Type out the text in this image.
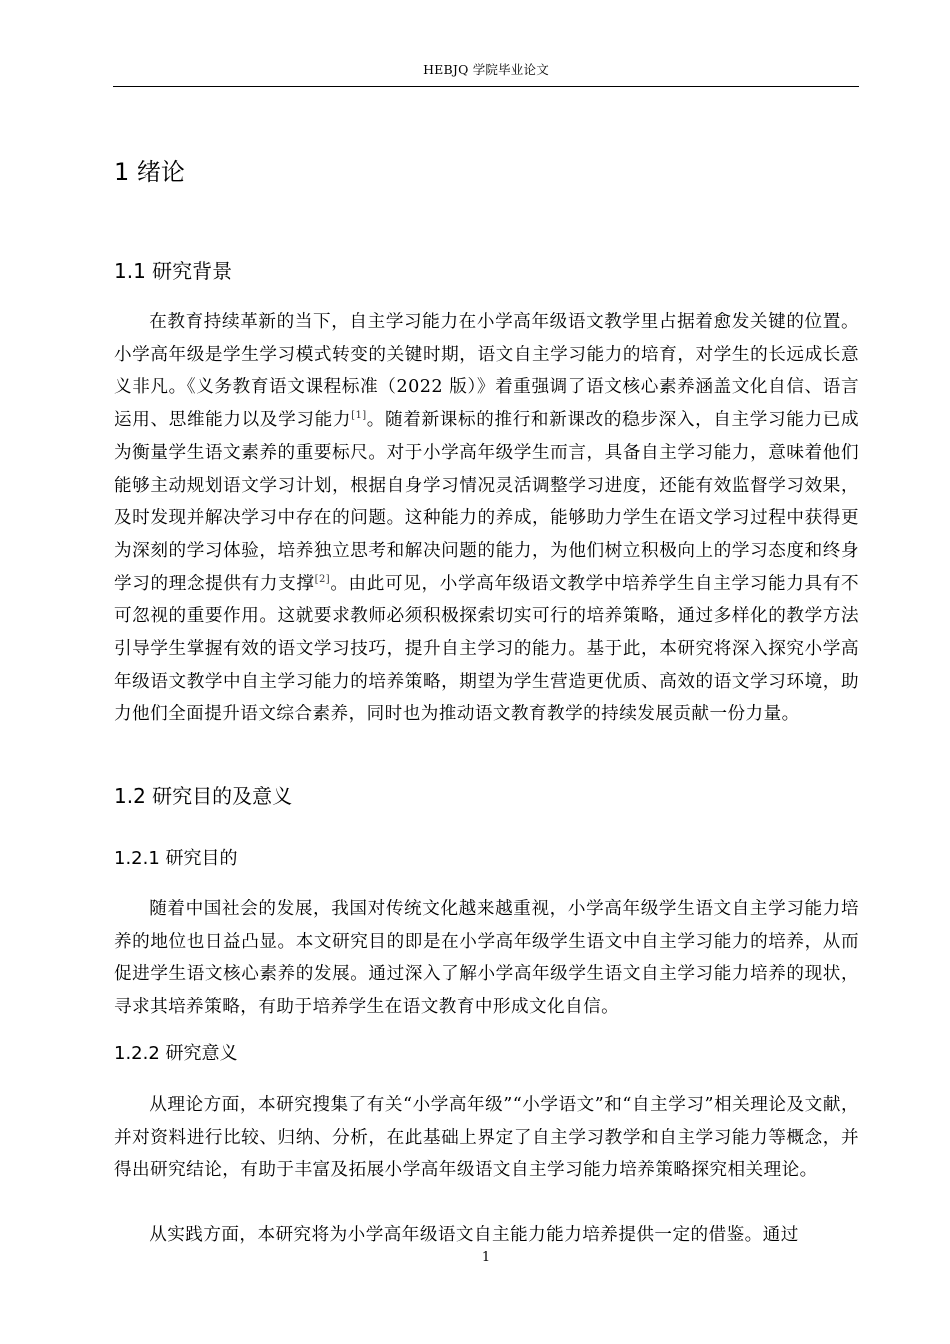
HEBJQ 学院毕业论文
1 绪论
1.1 研究背景

在教育持续革新的当下，自主学习能力在小学高年级语文教学里占据着愈发关键的位置。小学高年级是学生学习模式转变的关键时期，语文自主学习能力的培育，对学生的长远成长意义非凡。《义务教育语文课程标准（2022 版）》着重强调了语文核心素养涵盖文化自信、语言运用、思维能力以及学习能力[1]。随着新课标的推行和新课改的稳步深入，自主学习能力已成为衡量学生语文素养的重要标尺。对于小学高年级学生而言，具备自主学习能力，意味着他们能够主动规划语文学习计划，根据自身学习情况灵活调整学习进度，还能有效监督学习效果，及时发现并解决学习中存在的问题。这种能力的养成，能够助力学生在语文学习过程中获得更为深刻的学习体验，培养独立思考和解决问题的能力，为他们树立积极向上的学习态度和终身学习的理念提供有力支撑[2]。由此可见，小学高年级语文教学中培养学生自主学习能力具有不可忽视的重要作用。这就要求教师必须积极探索切实可行的培养策略，通过多样化的教学方法引导学生掌握有效的语文学习技巧，提升自主学习的能力。基于此，本研究将深入探究小学高年级语文教学中自主学习能力的培养策略，期望为学生营造更优质、高效的语文学习环境，助力他们全面提升语文综合素养，同时也为推动语文教育教学的持续发展贡献一份力量。

1.2 研究目的及意义
1.2.1 研究目的

随着中国社会的发展，我国对传统文化越来越重视，小学高年级学生语文自主学习能力培养的地位也日益凸显。本文研究目的即是在小学高年级学生语文中自主学习能力的培养，从而促进学生语文核心素养的发展。通过深入了解小学高年级学生语文自主学习能力培养的现状，寻求其培养策略，有助于培养学生在语文教育中形成文化自信。

1.2.2 研究意义

从理论方面，本研究搜集了有关“小学高年级”“小学语文”和“自主学习”相关理论及文献，并对资料进行比较、归纳、分析，在此基础上界定了自主学习教学和自主学习能力等概念，并得出研究结论，有助于丰富及拓展小学高年级语文自主学习能力培养策略探究相关理论。

从实践方面，本研究将为小学高年级语文自主能力能力培养提供一定的借鉴。通过

1
